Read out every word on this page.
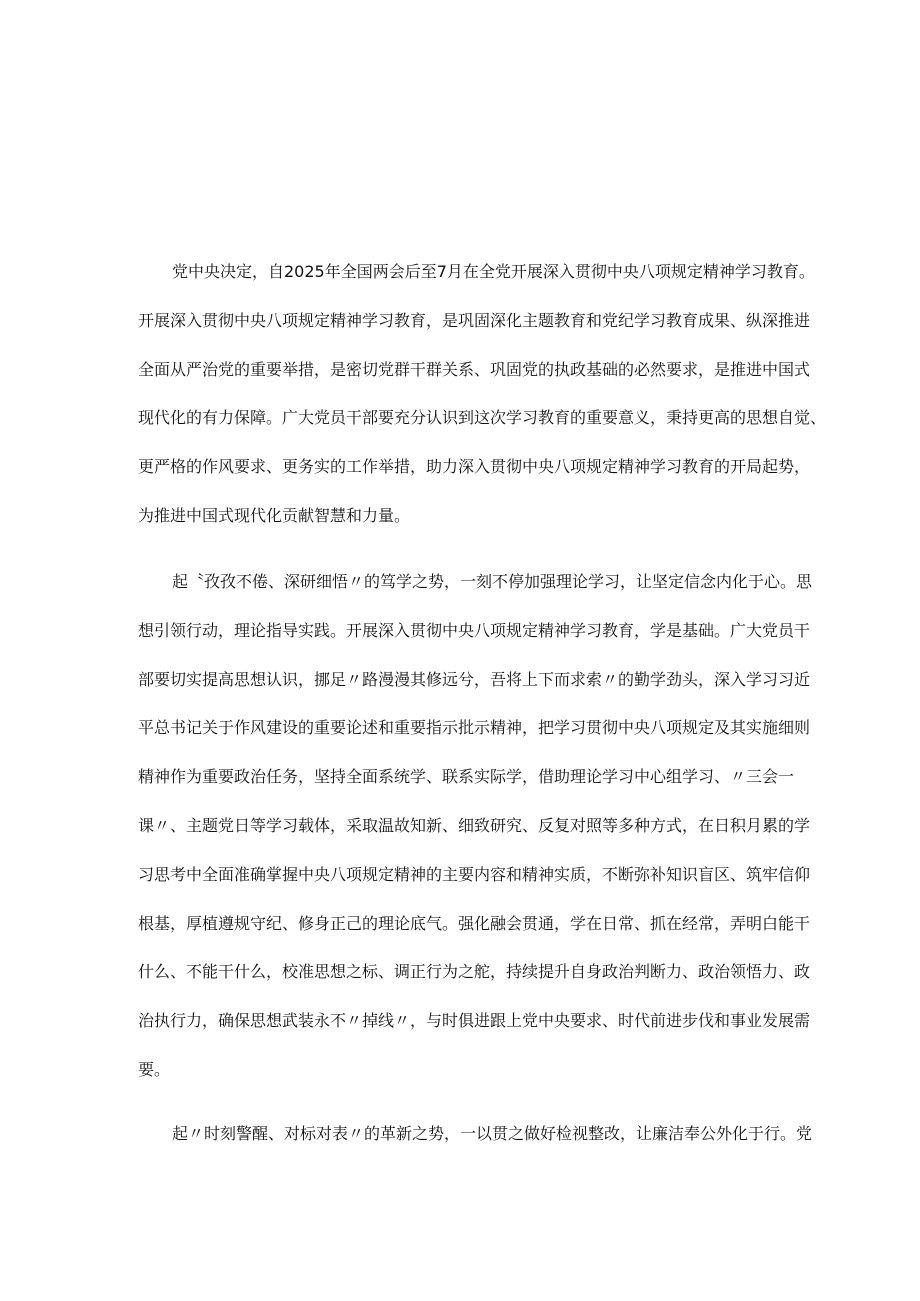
党中央决定，自2025年全国两会后至7月在全党开展深入贯彻中央八项规定精神学习教育。
开展深入贯彻中央八项规定精神学习教育，是巩固深化主题教育和党纪学习教育成果、纵深推进
全面从严治党的重要举措，是密切党群干群关系、巩固党的执政基础的必然要求，是推进中国式
现代化的有力保障。广大党员干部要充分认识到这次学习教育的重要意义，秉持更高的思想自觉、
更严格的作风要求、更务实的工作举措，助力深入贯彻中央八项规定精神学习教育的开局起势，
为推进中国式现代化贡献智慧和力量。

起〝孜孜不倦、深研细悟〃的笃学之势，一刻不停加强理论学习，让坚定信念内化于心。思
想引领行动，理论指导实践。开展深入贯彻中央八项规定精神学习教育，学是基础。广大党员干
部要切实提高思想认识，挪足〃路漫漫其修远兮，吾将上下而求索〃的勤学劲头，深入学习习近
平总书记关于作风建设的重要论述和重要指示批示精神，把学习贯彻中央八项规定及其实施细则
精神作为重要政治任务，坚持全面系统学、联系实际学，借助理论学习中心组学习、〃三会一
课〃、主题党日等学习载体，采取温故知新、细致研究、反复对照等多种方式，在日积月累的学
习思考中全面准确掌握中央八项规定精神的主要内容和精神实质，不断弥补知识盲区、筑牢信仰
根基，厚植遵规守纪、修身正己的理论底气。强化融会贯通，学在日常、抓在经常，弄明白能干
什么、不能干什么，校准思想之标、调正行为之舵，持续提升自身政治判断力、政治领悟力、政
治执行力，确保思想武装永不〃掉线〃，与时俱进跟上党中央要求、时代前进步伐和事业发展需
要。

起〃时刻警醒、对标对表〃的革新之势，一以贯之做好检视整改，让廉洁奉公外化于行。党
